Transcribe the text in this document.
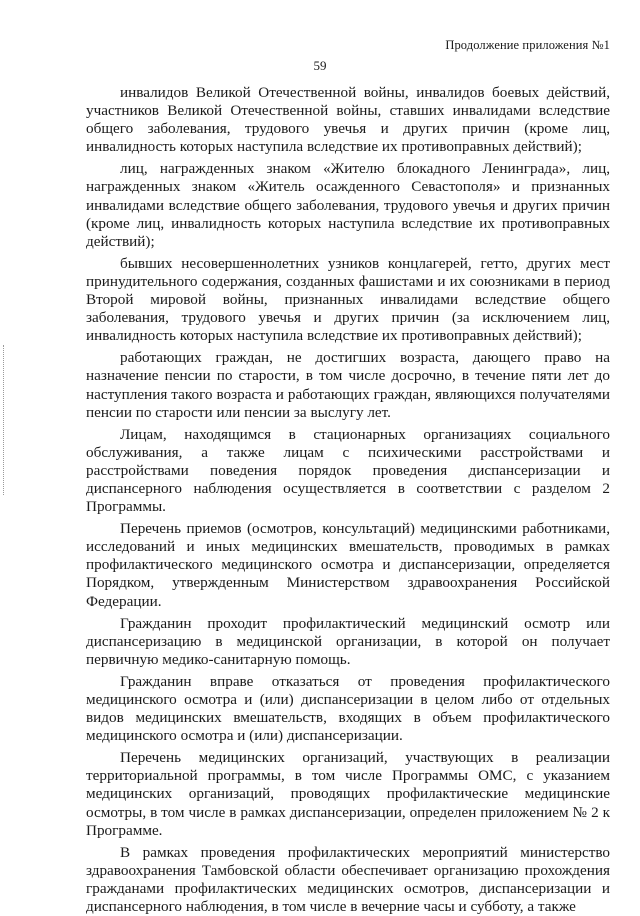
Продолжение приложения №1
59

инвалидов Великой Отечественной войны, инвалидов боевых действий, участников Великой Отечественной войны, ставших инвалидами вследствие общего заболевания, трудового увечья и других причин (кроме лиц, инвалидность которых наступила вследствие их противоправных действий);

лиц, награжденных знаком «Жителю блокадного Ленинграда», лиц, награжденных знаком «Житель осажденного Севастополя» и признанных инвалидами вследствие общего заболевания, трудового увечья и других причин (кроме лиц, инвалидность которых наступила вследствие их противоправных действий);

бывших несовершеннолетних узников концлагерей, гетто, других мест принудительного содержания, созданных фашистами и их союзниками в период Второй мировой войны, признанных инвалидами вследствие общего заболевания, трудового увечья и других причин (за исключением лиц, инвалидность которых наступила вследствие их противоправных действий);

работающих граждан, не достигших возраста, дающего право на назначение пенсии по старости, в том числе досрочно, в течение пяти лет до наступления такого возраста и работающих граждан, являющихся получателями пенсии по старости или пенсии за выслугу лет.

Лицам, находящимся в стационарных организациях социального обслуживания, а также лицам с психическими расстройствами и расстройствами поведения порядок проведения диспансеризации и диспансерного наблюдения осуществляется в соответствии с разделом 2 Программы.

Перечень приемов (осмотров, консультаций) медицинскими работниками, исследований и иных медицинских вмешательств, проводимых в рамках профилактического медицинского осмотра и диспансеризации, определяется Порядком, утвержденным Министерством здравоохранения Российской Федерации.

Гражданин проходит профилактический медицинский осмотр или диспансеризацию в медицинской организации, в которой он получает первичную медико-санитарную помощь.

Гражданин вправе отказаться от проведения профилактического медицинского осмотра и (или) диспансеризации в целом либо от отдельных видов медицинских вмешательств, входящих в объем профилактического медицинского осмотра и (или) диспансеризации.

Перечень медицинских организаций, участвующих в реализации территориальной программы, в том числе Программы ОМС, с указанием медицинских организаций, проводящих профилактические медицинские осмотры, в том числе в рамках диспансеризации, определен приложением № 2 к Программе.

В рамках проведения профилактических мероприятий министерство здравоохранения Тамбовской области обеспечивает организацию прохождения гражданами профилактических медицинских осмотров, диспансеризации и диспансерного наблюдения, в том числе в вечерние часы и субботу, а также
